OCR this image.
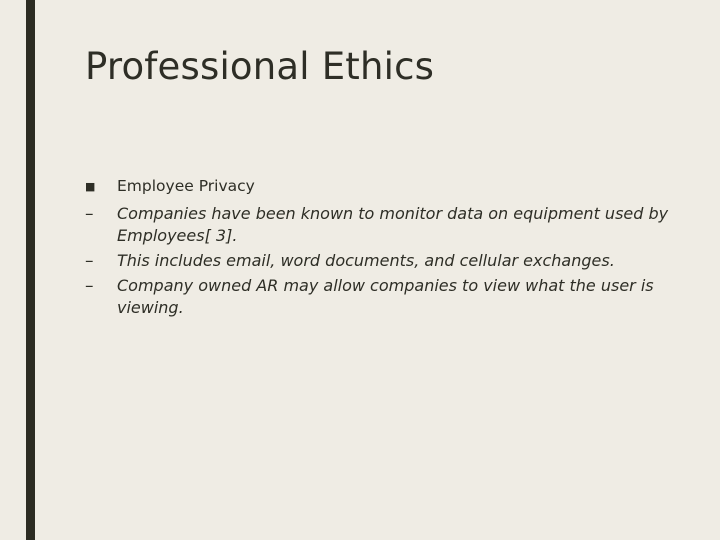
Professional Ethics
■	Employee Privacy
–	Companies have been known to monitor data on equipment used by Employees[ 3].
–	This includes email, word documents, and cellular exchanges.
–	Company owned AR may allow companies to view what the user is viewing.
